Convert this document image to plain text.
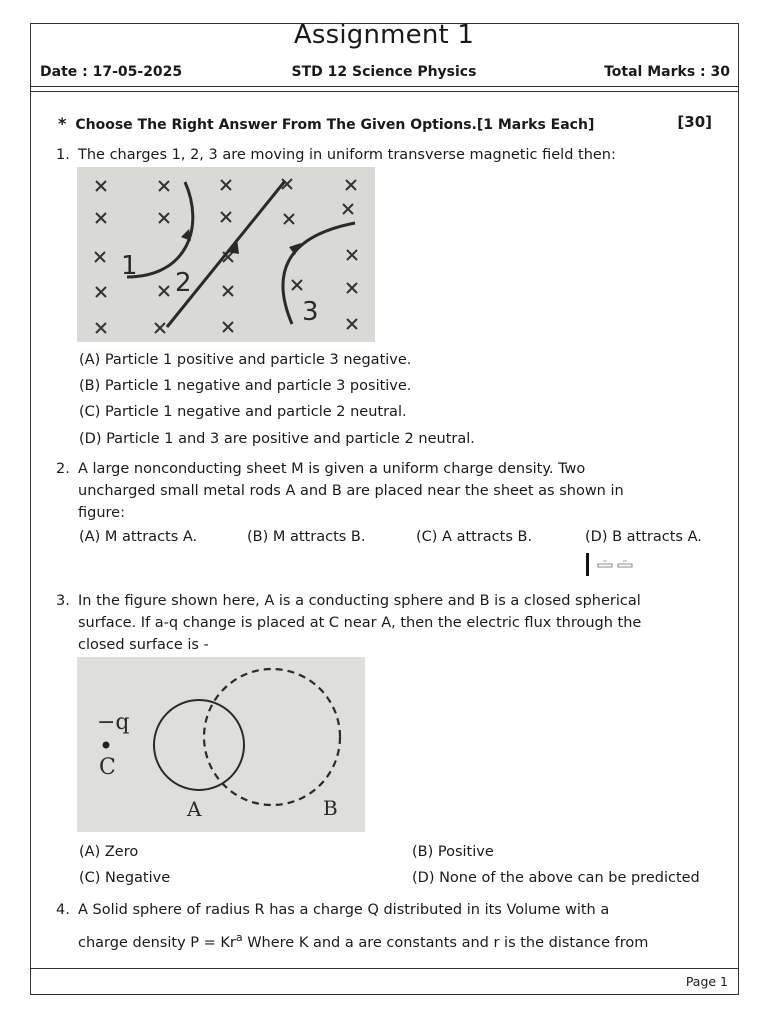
Assignment 1
Date : 17-05-2025	STD 12 Science Physics	Total Marks : 30
* Choose The Right Answer From The Given Options.[1 Marks Each]	[30]
1. The charges 1, 2, 3 are moving in uniform transverse magnetic field then:
1
2
3
(A) Particle 1 positive and particle 3 negative.
(B) Particle 1 negative and particle 3 positive.
(C) Particle 1 negative and particle 2 neutral.
(D) Particle 1 and 3 are positive and particle 2 neutral.
2. A large nonconducting sheet M is given a uniform charge density. Two
uncharged small metal rods A and B are placed near the sheet as shown in
figure:
(A) M attracts A.	(B) M attracts B.	(C) A attracts B.	(D) B attracts A.
3. In the figure shown here, A is a conducting sphere and B is a closed spherical
surface. If a-q change is placed at C near A, then the electric flux through the
closed surface is -
−q
C
A	B
(A) Zero	(B) Positive
(C) Negative	(D) None of the above can be predicted
4. A Solid sphere of radius R has a charge Q distributed in its Volume with a
charge density $P = Kr^a$ Where K and a are constants and r is the distance from
Page 1
